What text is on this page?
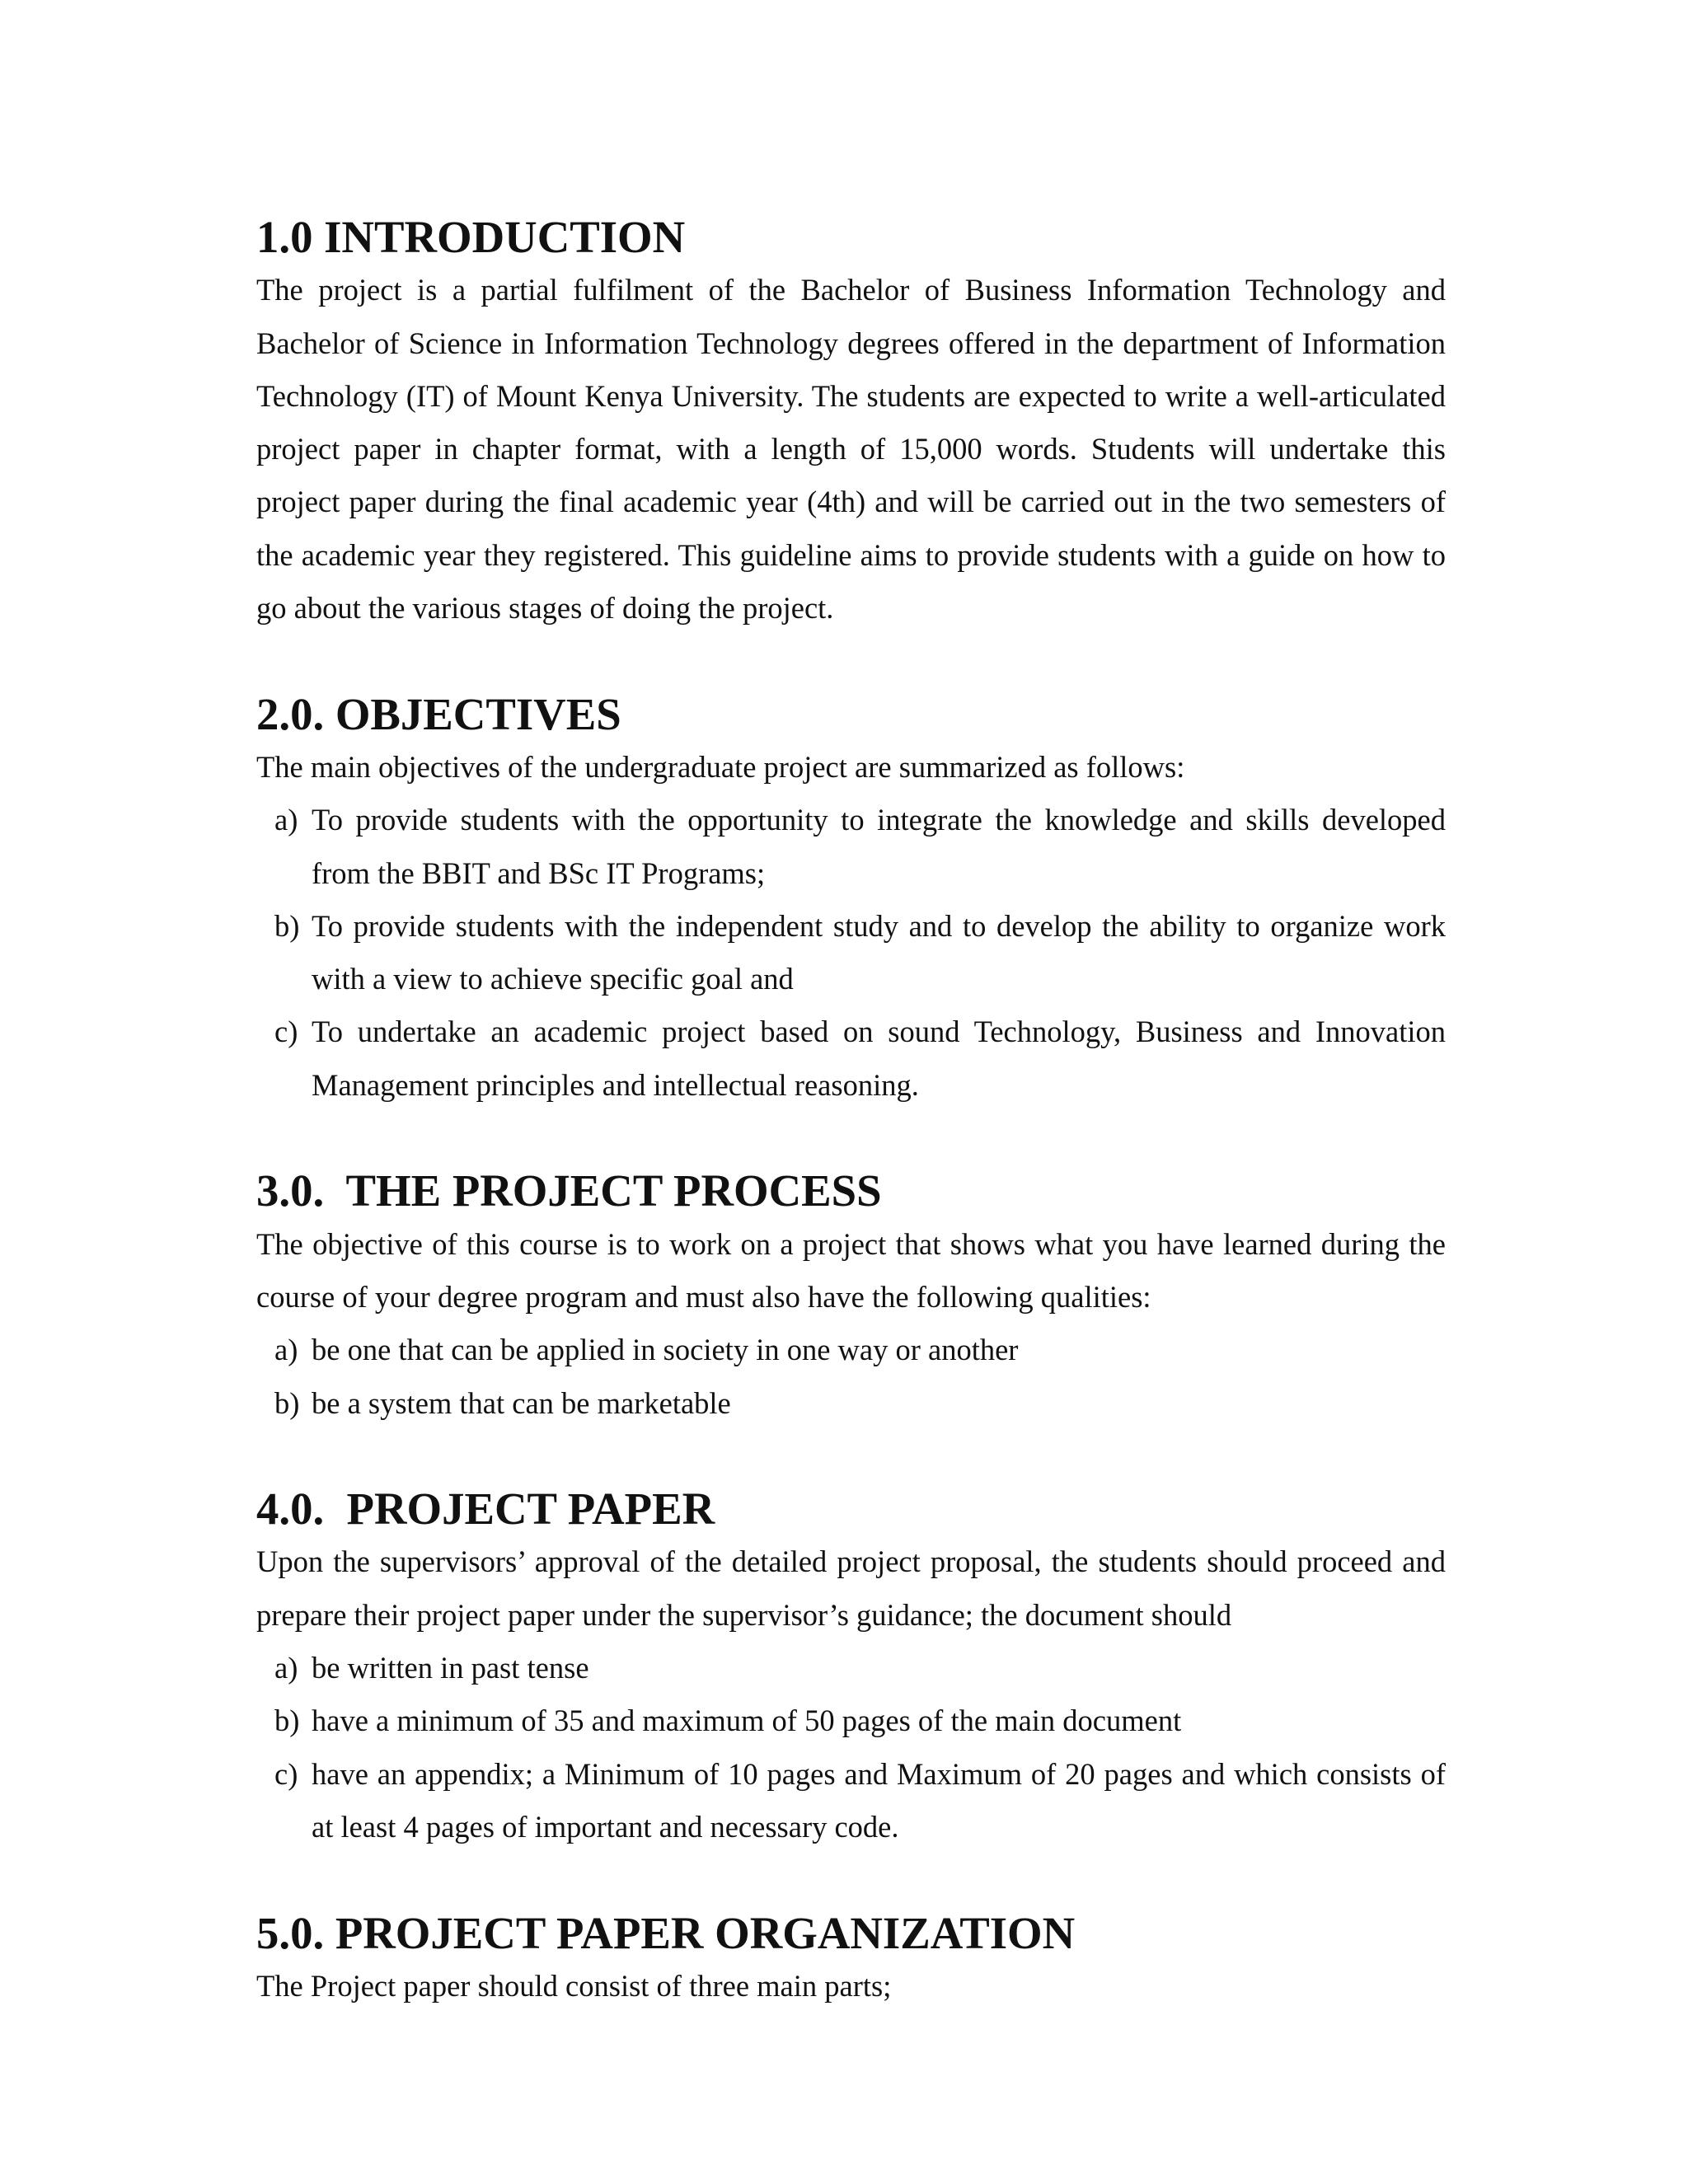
1.0 INTRODUCTION

The project is a partial fulfilment of the Bachelor of Business Information Technology and Bachelor of Science in Information Technology degrees offered in the department of Information Technology (IT) of Mount Kenya University. The students are expected to write a well-articulated project paper in chapter format, with a length of 15,000 words. Students will undertake this project paper during the final academic year (4th) and will be carried out in the two semesters of the academic year they registered. This guideline aims to provide students with a guide on how to go about the various stages of doing the project.

2.0. OBJECTIVES

The main objectives of the undergraduate project are summarized as follows:

a) To provide students with the opportunity to integrate the knowledge and skills developed from the BBIT and BSc IT Programs;
b) To provide students with the independent study and to develop the ability to organize work with a view to achieve specific goal and
c) To undertake an academic project based on sound Technology, Business and Innovation Management principles and intellectual reasoning.
3.0.  THE PROJECT PROCESS

The objective of this course is to work on a project that shows what you have learned during the course of your degree program and must also have the following qualities:

a) be one that can be applied in society in one way or another
b) be a system that can be marketable
4.0.  PROJECT PAPER

Upon the supervisors’ approval of the detailed project proposal, the students should proceed and prepare their project paper under the supervisor’s guidance; the document should

a) be written in past tense
b) have a minimum of 35 and maximum of 50 pages of the main document
c) have an appendix; a Minimum of 10 pages and Maximum of 20 pages and which consists of at least 4 pages of important and necessary code.
5.0. PROJECT PAPER ORGANIZATION

The Project paper should consist of three main parts;
